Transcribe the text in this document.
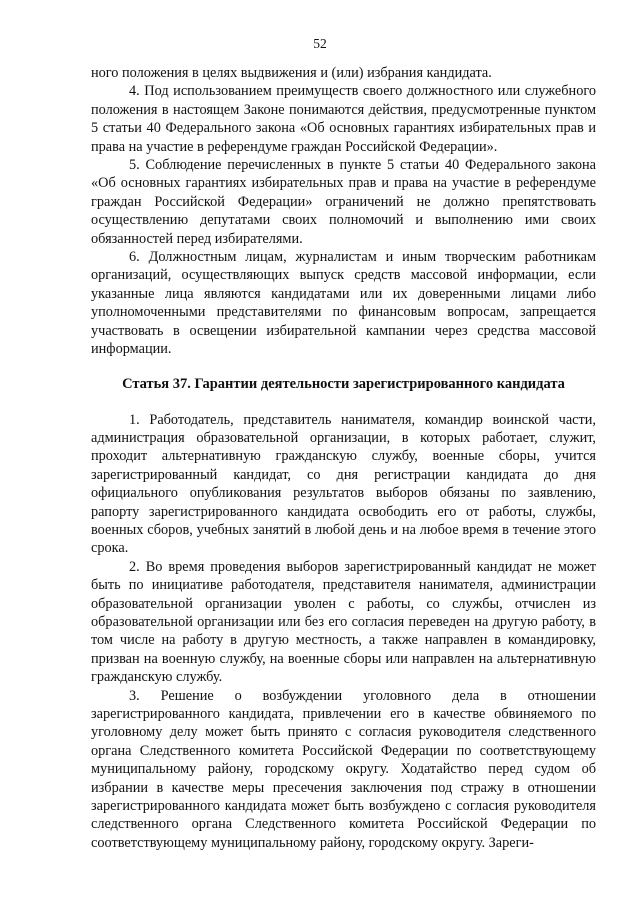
52

ного положения в целях выдвижения и (или) избрания кандидата.

4. Под использованием преимуществ своего должностного или служебного положения в настоящем Законе понимаются действия, предусмотренные пунктом 5 статьи 40 Федерального закона «Об основных гарантиях избирательных прав и права на участие в референдуме граждан Российской Федерации».

5. Соблюдение перечисленных в пункте 5 статьи 40 Федерального закона «Об основных гарантиях избирательных прав и права на участие в референдуме граждан Российской Федерации» ограничений не должно препятствовать осуществлению депутатами своих полномочий и выполнению ими своих обязанностей перед избирателями.

6. Должностным лицам, журналистам и иным творческим работникам организаций, осуществляющих выпуск средств массовой информации, если указанные лица являются кандидатами или их доверенными лицами либо уполномоченными представителями по финансовым вопросам, запрещается участвовать в освещении избирательной кампании через средства массовой информации.

Статья 37. Гарантии деятельности зарегистрированного кандидата

1. Работодатель, представитель нанимателя, командир воинской части, администрация образовательной организации, в которых работает, служит, проходит альтернативную гражданскую службу, военные сборы, учится зарегистрированный кандидат, со дня регистрации кандидата до дня официального опубликования результатов выборов обязаны по заявлению, рапорту зарегистрированного кандидата освободить его от работы, службы, военных сборов, учебных занятий в любой день и на любое время в течение этого срока.

2. Во время проведения выборов зарегистрированный кандидат не может быть по инициативе работодателя, представителя нанимателя, администрации образовательной организации уволен с работы, со службы, отчислен из образовательной организации или без его согласия переведен на другую работу, в том числе на работу в другую местность, а также направлен в командировку, призван на военную службу, на военные сборы или направлен на альтернативную гражданскую службу.

3. Решение о возбуждении уголовного дела в отношении зарегистрированного кандидата, привлечении его в качестве обвиняемого по уголовному делу может быть принято с согласия руководителя следственного органа Следственного комитета Российской Федерации по соответствующему муниципальному району, городскому округу. Ходатайство перед судом об избрании в качестве меры пресечения заключения под стражу в отношении зарегистрированного кандидата может быть возбуждено с согласия руководителя следственного органа Следственного комитета Российской Федерации по соответствующему муниципальному району, городскому округу. Зареги-
